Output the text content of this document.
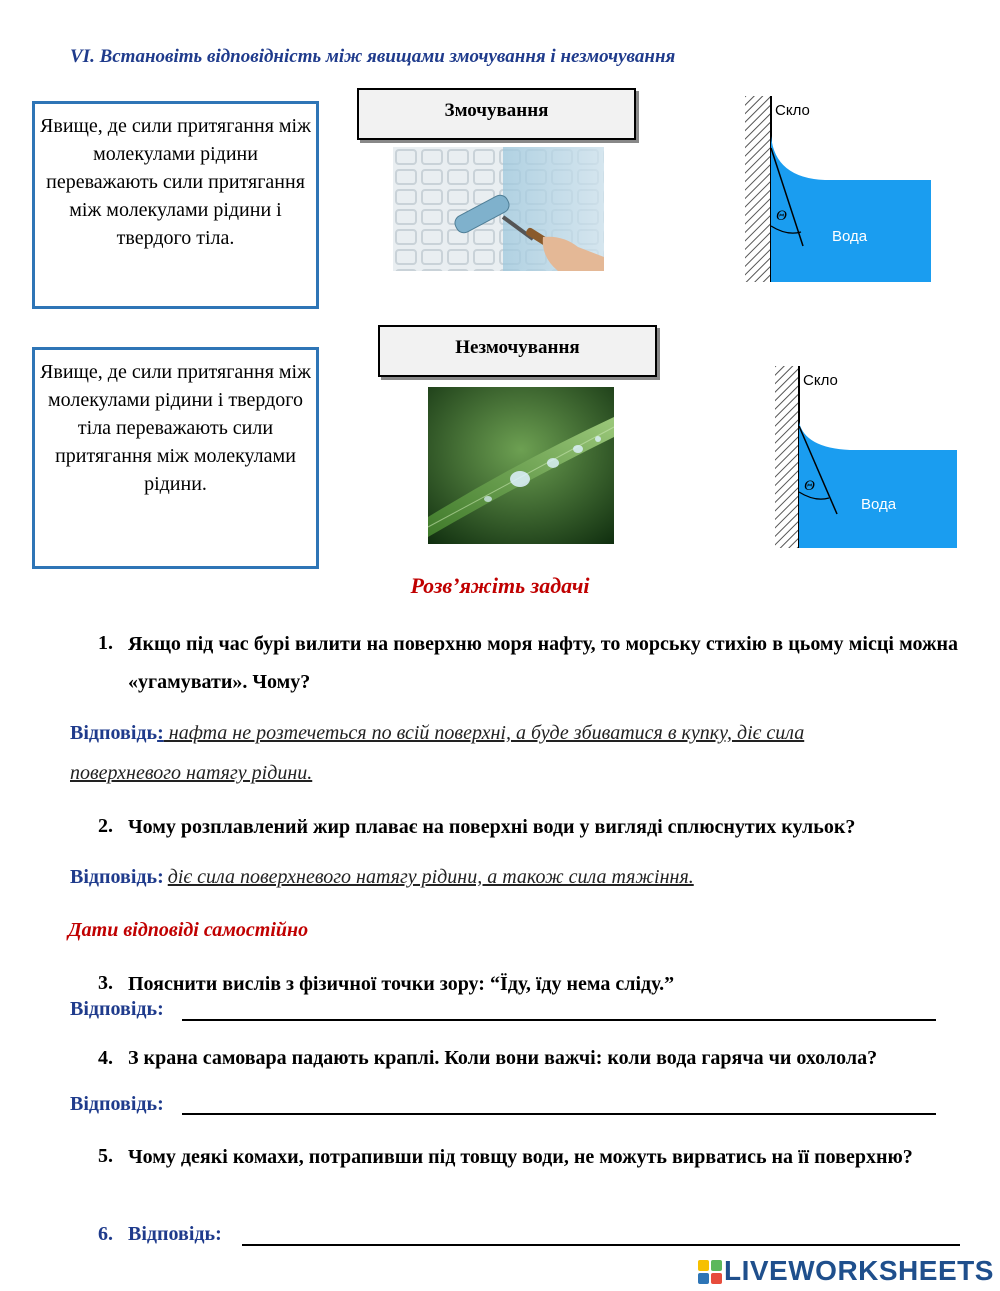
VI. Встановіть відповідність між явищами змочування і незмочування
Явище, де сили притягання між молекулами рідини переважають сили притягання між молекулами рідини і твердого тіла.
Явище, де сили притягання між молекулами рідини і твердого тіла переважають сили притягання між молекулами рідини.
Змочування
Незмочування
Скло
Вода
Θ
Скло
Вода
Θ
Розв’яжіть задачі
1. Якщо під час бурі вилити на поверхню моря нафту, то морську стихію в цьому місці можна «угамувати». Чому?
Відповідь: нафта не розтечеться по всій поверхні, а буде збиватися в купку, діє сила
поверхневого натягу рідини.
2. Чому розплавлений жир плаває на поверхні води у вигляді сплюснутих кульок?
Відповідь: діє сила поверхневого натягу рідини, а також сила тяжіння.
Дати відповіді самостійно
3. Пояснити вислів з фізичної точки зору: “Їду, їду нема сліду.”
Відповідь:
4. З крана самовара падають краплі. Коли вони важчі: коли вода гаряча чи охолола?
Відповідь:
5. Чому деякі комахи, потрапивши під товщу води, не можуть вирватись на її поверхню?
6. Відповідь:
LIVEWORKSHEETS
